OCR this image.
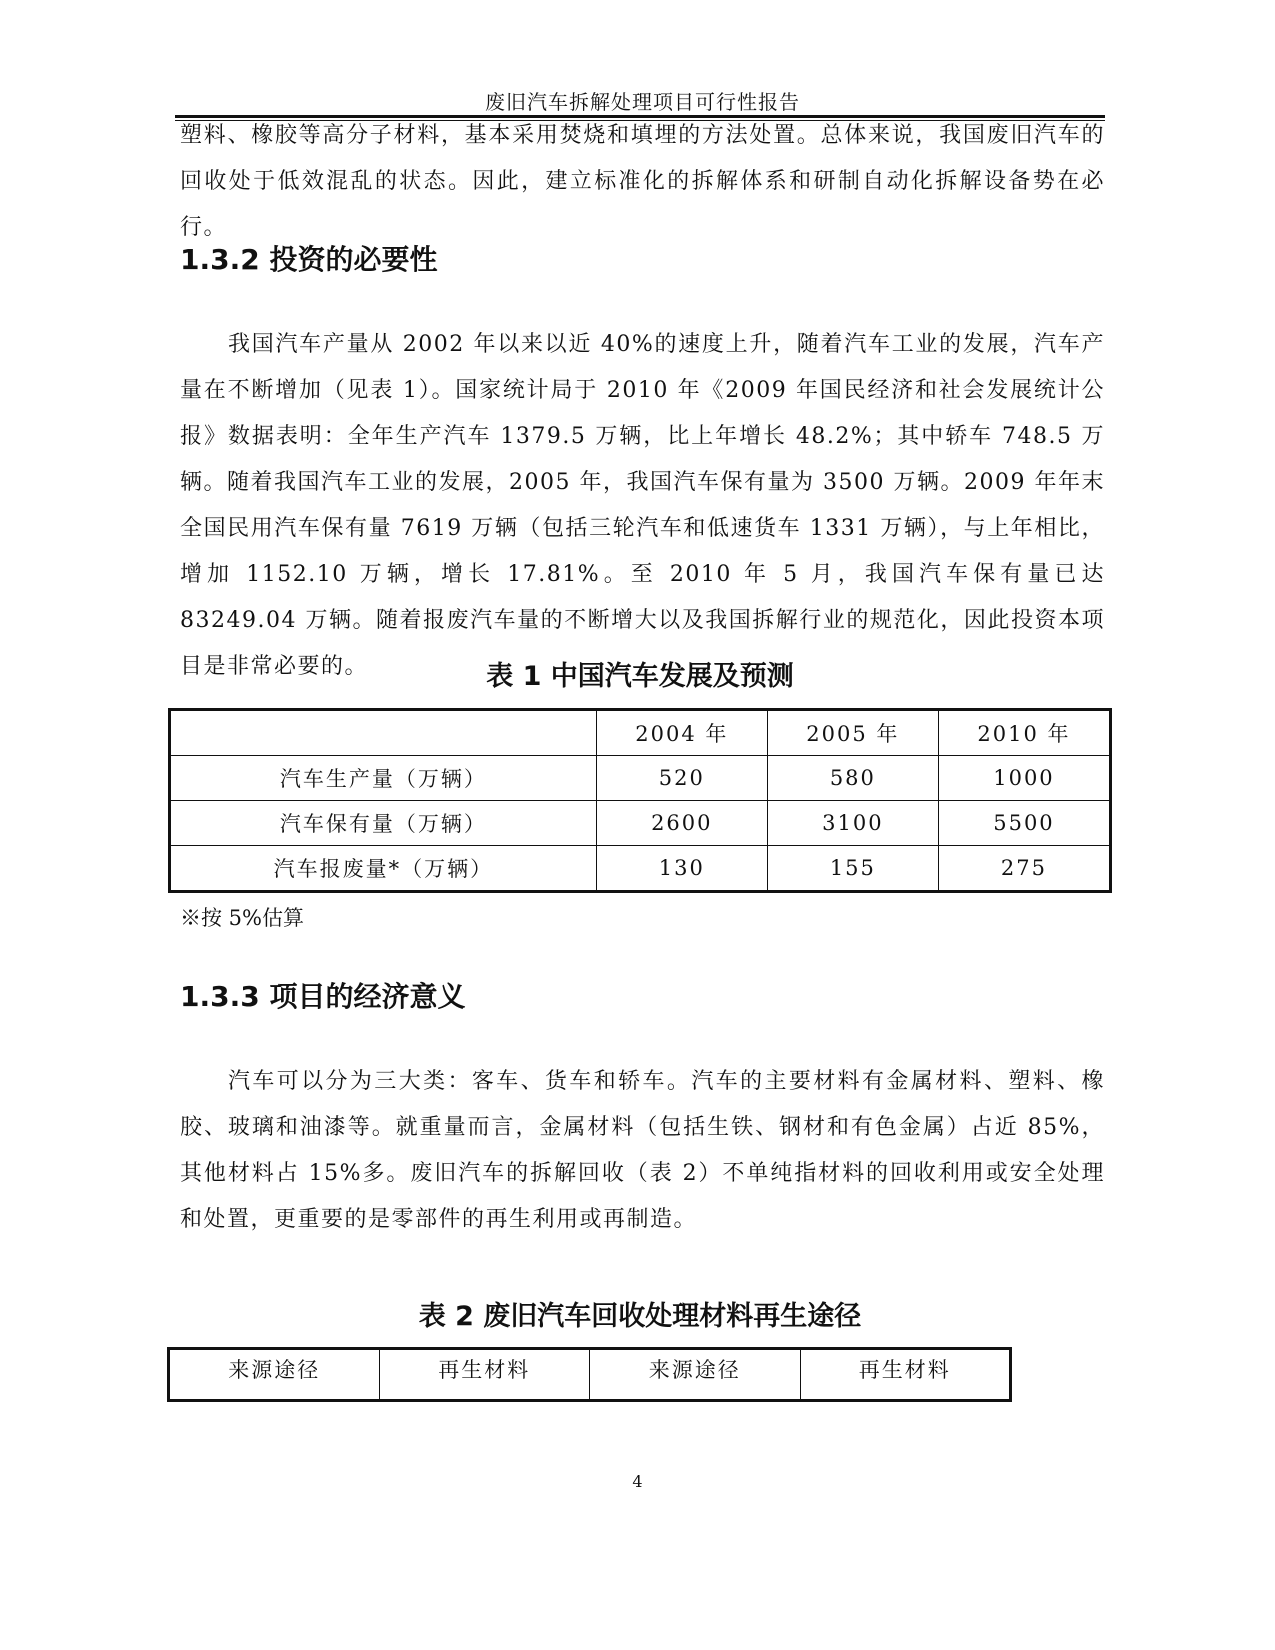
废旧汽车拆解处理项目可行性报告

塑料、橡胶等高分子材料，基本采用焚烧和填埋的方法处置。总体来说，我国废旧汽车的回收处于低效混乱的状态。因此，建立标准化的拆解体系和研制自动化拆解设备势在必行。

1.3.2 投资的必要性

我国汽车产量从 2002 年以来以近 40%的速度上升，随着汽车工业的发展，汽车产量在不断增加（见表 1）。国家统计局于 2010 年《2009 年国民经济和社会发展统计公报》数据表明：全年生产汽车 1379.5 万辆，比上年增长 48.2%；其中轿车 748.5 万辆。随着我国汽车工业的发展，2005 年，我国汽车保有量为 3500 万辆。2009 年年末全国民用汽车保有量 7619 万辆（包括三轮汽车和低速货车 1331 万辆），与上年相比，增加 1152.10 万辆，增长 17.81%。至 2010 年 5 月，我国汽车保有量已达 83249.04 万辆。随着报废汽车量的不断增大以及我国拆解行业的规范化，因此投资本项目是非常必要的。	表 1 中国汽车发展及预测
	2004 年	2005 年	2010 年
汽车生产量（万辆）	520	580	1000
汽车保有量（万辆）	2600	3100	5500
汽车报废量*（万辆）	130	155	275
※按 5%估算
1.3.3 项目的经济意义

汽车可以分为三大类：客车、货车和轿车。汽车的主要材料有金属材料、塑料、橡胶、玻璃和油漆等。就重量而言，金属材料（包括生铁、钢材和有色金属）占近 85%，其他材料占 15%多。废旧汽车的拆解回收（表 2）不单纯指材料的回收利用或安全处理和处置，更重要的是零部件的再生利用或再制造。

表 2 废旧汽车回收处理材料再生途径
来源途径	再生材料	来源途径	再生材料
4
